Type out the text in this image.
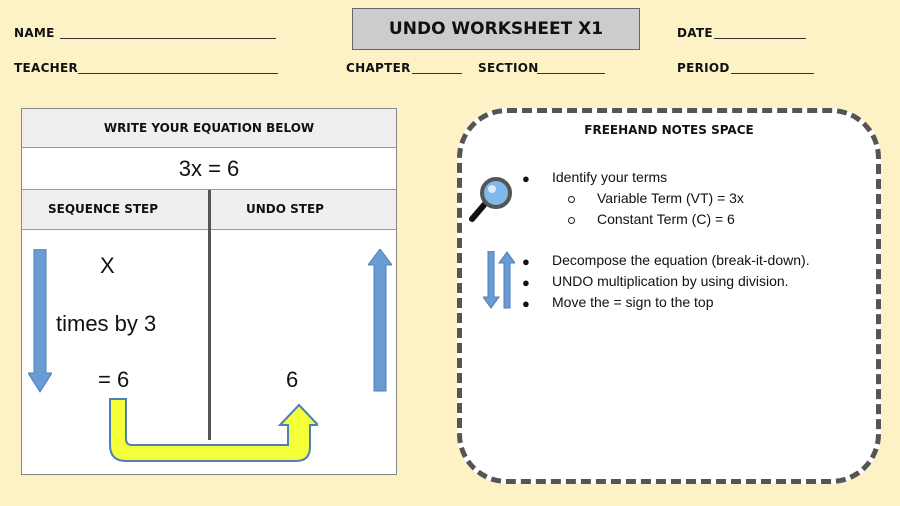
NAME
TEACHER
UNDO WORKSHEET X1
CHAPTER	SECTION
DATE
PERIOD
WRITE YOUR EQUATION BELOW
3x = 6
SEQUENCE STEP	UNDO STEP
X
times by 3
= 6	6
FREEHAND NOTES SPACE
● Identify your terms
Variable Term (VT) = 3x
Constant Term (C) = 6
● Decompose the equation (break-it-down).
● UNDO multiplication by using division.
● Move the = sign to the top
